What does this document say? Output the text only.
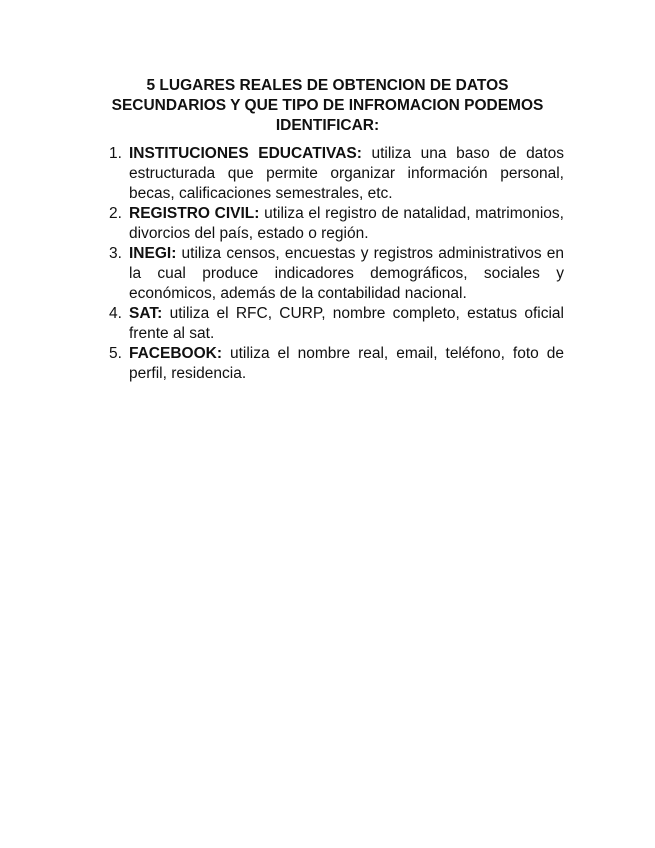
5 LUGARES REALES DE OBTENCION DE DATOS SECUNDARIOS Y QUE TIPO DE INFROMACION PODEMOS IDENTIFICAR:
1. INSTITUCIONES EDUCATIVAS: utiliza una baso de datos estructurada que permite organizar información personal, becas, calificaciones semestrales, etc.
2. REGISTRO CIVIL: utiliza el registro de natalidad, matrimonios, divorcios del país, estado o región.
3. INEGI: utiliza censos, encuestas y registros administrativos en la cual produce indicadores demográficos, sociales y económicos, además de la contabilidad nacional.
4. SAT: utiliza el RFC, CURP, nombre completo, estatus oficial frente al sat.
5. FACEBOOK: utiliza el nombre real, email, teléfono, foto de perfil, residencia.
